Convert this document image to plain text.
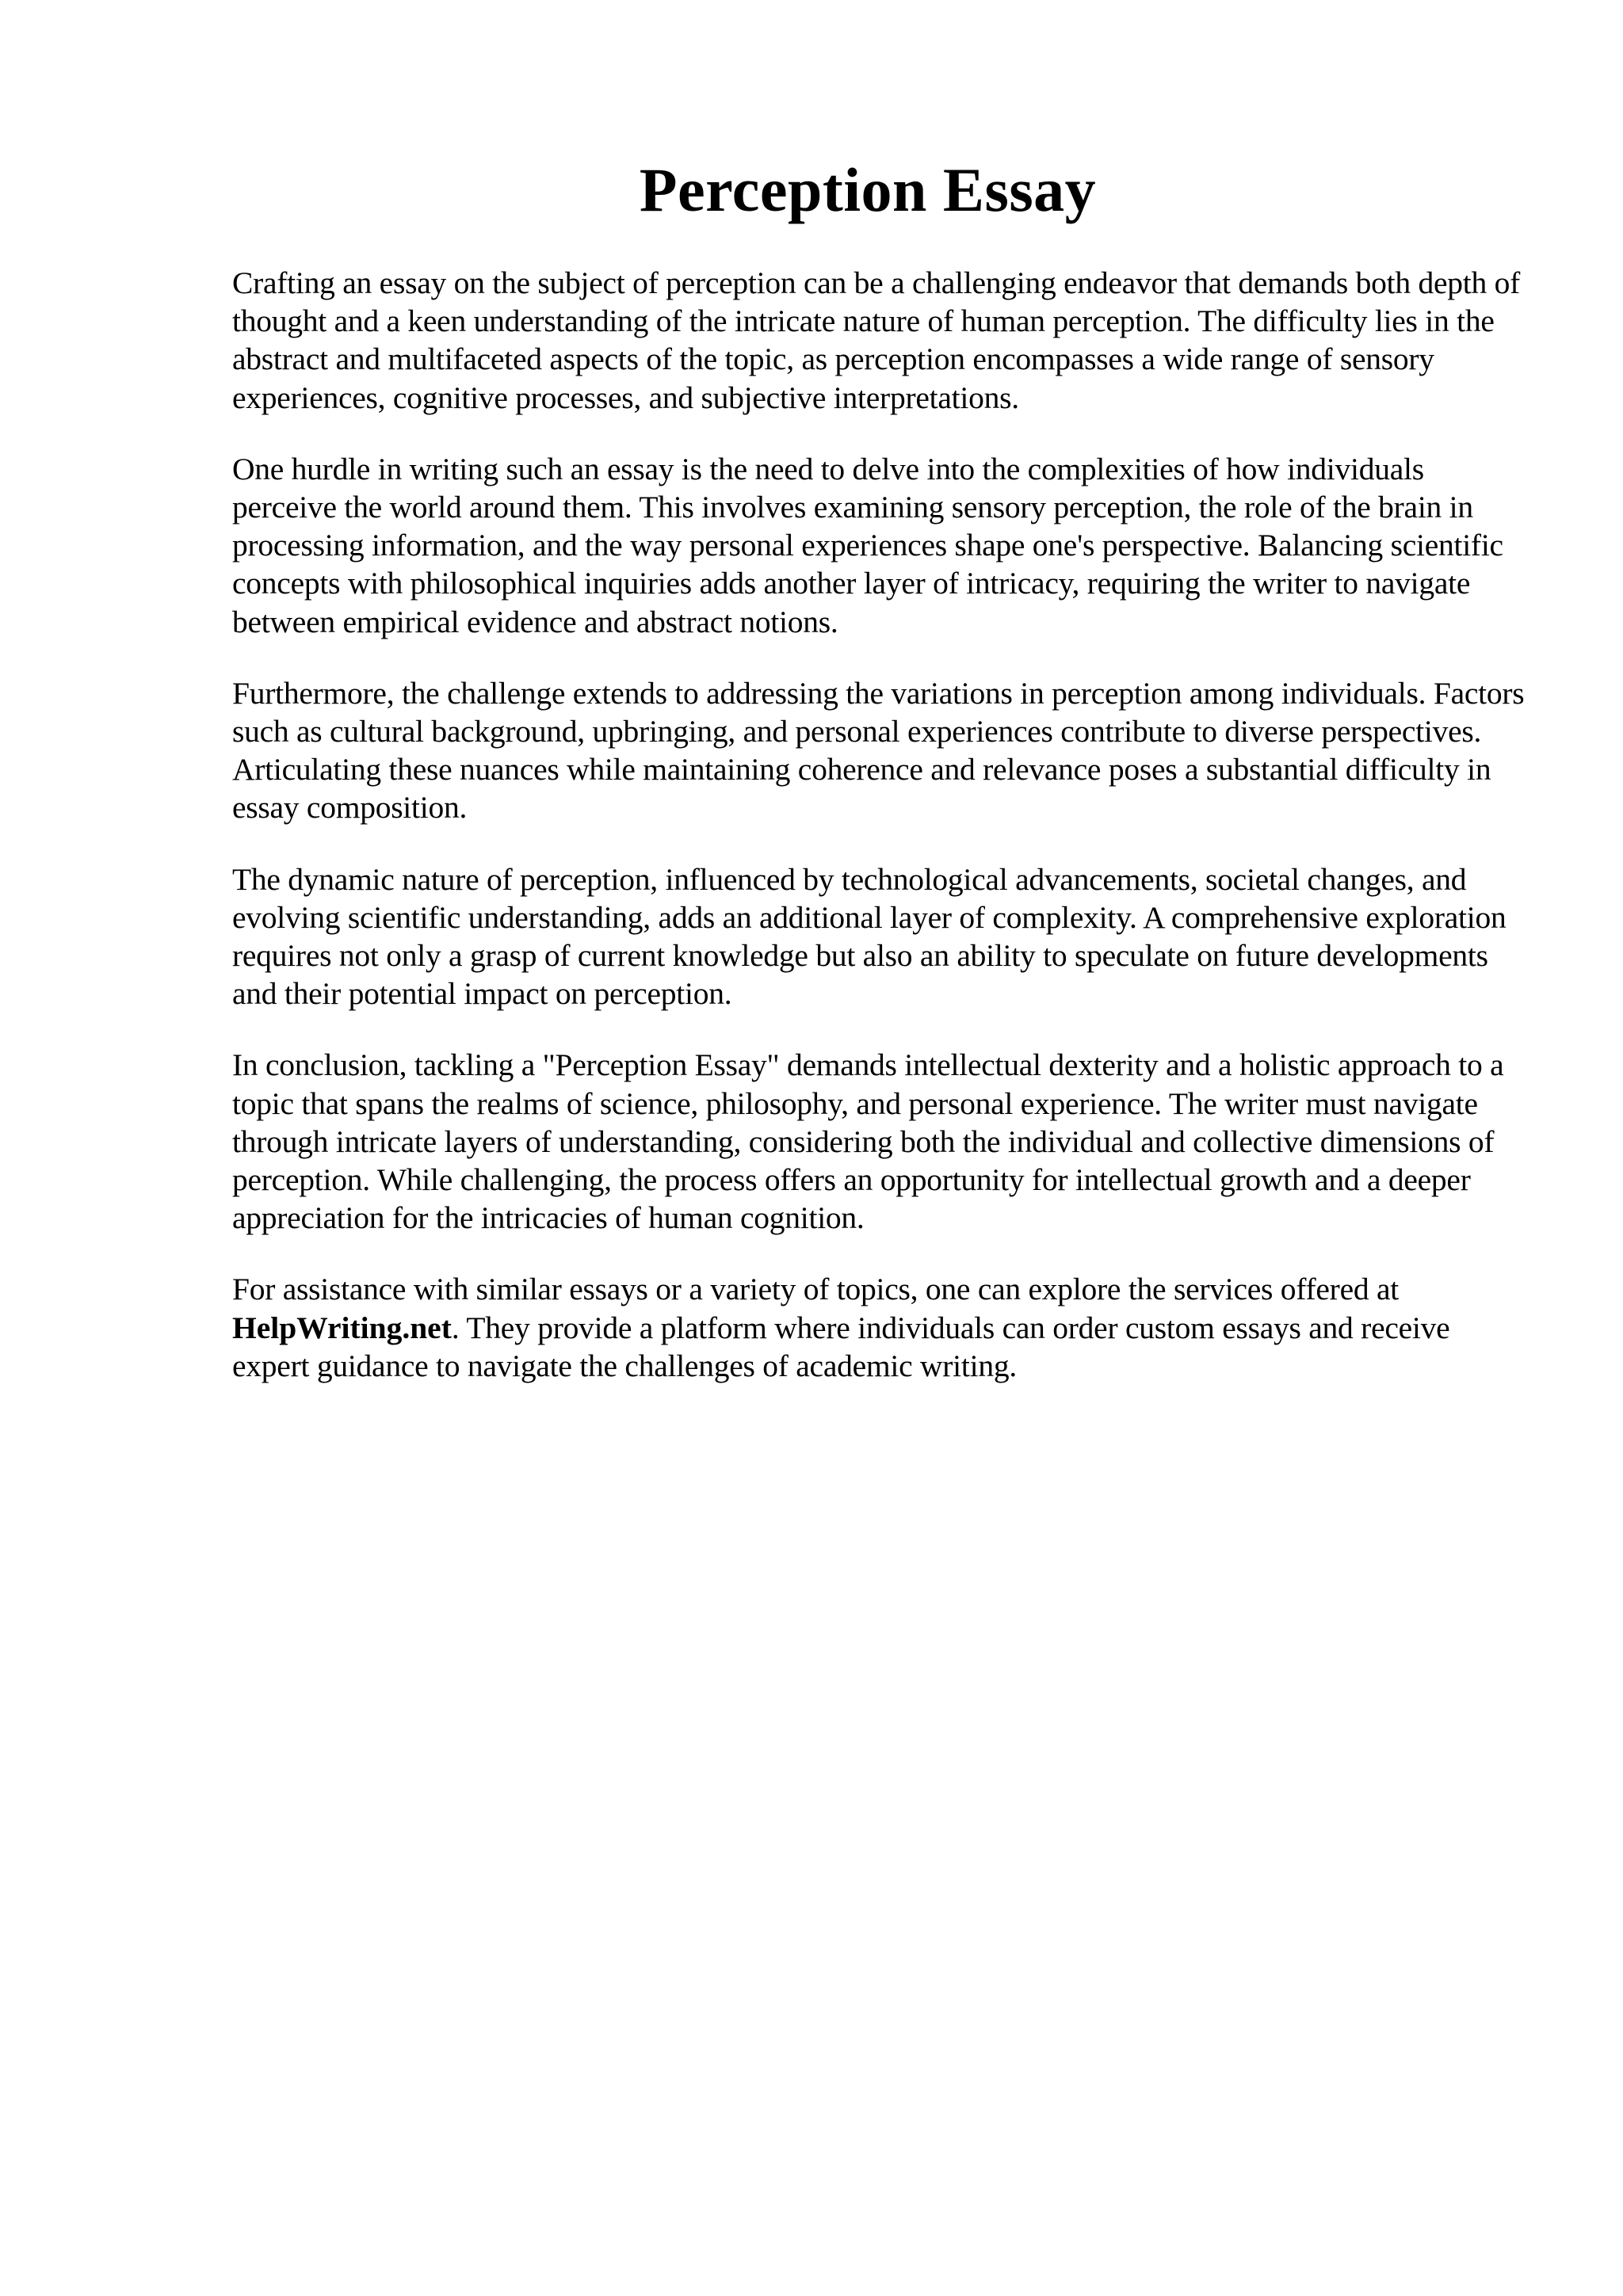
Perception Essay

Crafting an essay on the subject of perception can be a challenging endeavor that demands both depth of thought and a keen understanding of the intricate nature of human perception. The difficulty lies in the abstract and multifaceted aspects of the topic, as perception encompasses a wide range of sensory experiences, cognitive processes, and subjective interpretations.

One hurdle in writing such an essay is the need to delve into the complexities of how individuals perceive the world around them. This involves examining sensory perception, the role of the brain in processing information, and the way personal experiences shape one's perspective. Balancing scientific concepts with philosophical inquiries adds another layer of intricacy, requiring the writer to navigate between empirical evidence and abstract notions.

Furthermore, the challenge extends to addressing the variations in perception among individuals. Factors such as cultural background, upbringing, and personal experiences contribute to diverse perspectives. Articulating these nuances while maintaining coherence and relevance poses a substantial difficulty in essay composition.

The dynamic nature of perception, influenced by technological advancements, societal changes, and evolving scientific understanding, adds an additional layer of complexity. A comprehensive exploration requires not only a grasp of current knowledge but also an ability to speculate on future developments and their potential impact on perception.

In conclusion, tackling a "Perception Essay" demands intellectual dexterity and a holistic approach to a topic that spans the realms of science, philosophy, and personal experience. The writer must navigate through intricate layers of understanding, considering both the individual and collective dimensions of perception. While challenging, the process offers an opportunity for intellectual growth and a deeper appreciation for the intricacies of human cognition.

For assistance with similar essays or a variety of topics, one can explore the services offered at HelpWriting.net. They provide a platform where individuals can order custom essays and receive expert guidance to navigate the challenges of academic writing.
